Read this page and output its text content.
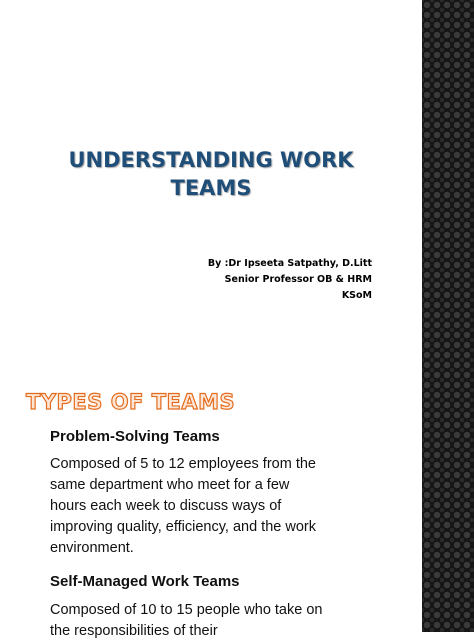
UNDERSTANDING WORK TEAMS
By :Dr Ipseeta Satpathy, D.Litt
Senior Professor OB & HRM
KSoM
TYPES OF TEAMS
Problem-Solving Teams

Composed of 5 to 12 employees from the same department who meet for a few hours each week to discuss ways of improving quality, efficiency, and the work environment.

Self-Managed Work Teams

Composed of 10 to 15 people who take on the responsibilities of their
